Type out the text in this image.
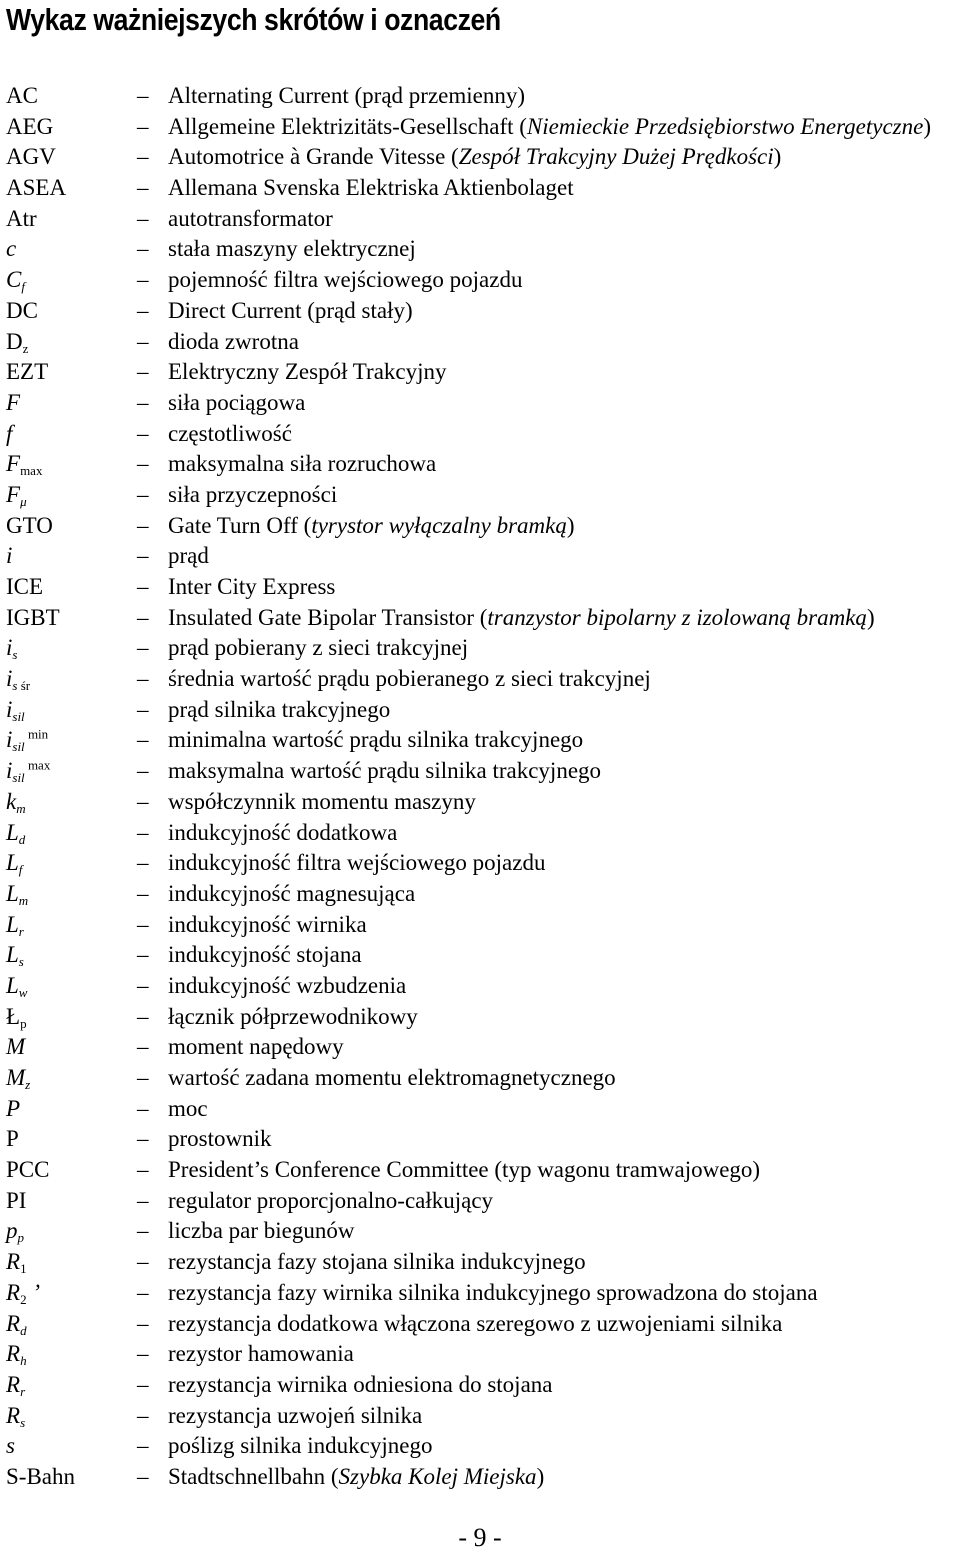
Wykaz ważniejszych skrótów i oznaczeń
AC	– Alternating Current (prąd przemienny)
AEG	– Allgemeine Elektrizitäts-Gesellschaft (Niemieckie Przedsiębiorstwo Energetyczne)
AGV	– Automotrice à Grande Vitesse (Zespół Trakcyjny Dużej Prędkości)
ASEA	– Allemana Svenska Elektriska Aktienbolaget
Atr	– autotransformator
c	– stała maszyny elektrycznej
$C_f$	– pojemność filtra wejściowego pojazdu
DC	– Direct Current (prąd stały)
$D_z$	– dioda zwrotna
EZT	– Elektryczny Zespół Trakcyjny
F	– siła pociągowa
f	– częstotliwość
$F_{max}$	– maksymalna siła rozruchowa
$F_\mu$	– siła przyczepności
GTO	– Gate Turn Off (tyrystor wyłączalny bramką)
i	– prąd
ICE	– Inter City Express
IGBT	– Insulated Gate Bipolar Transistor (tranzystor bipolarny z izolowaną bramką)
$i_s$	– prąd pobierany z sieci trakcyjnej
$i_s$ $_{śr}$	– średnia wartość prądu pobieranego z sieci trakcyjnej
$i_{sil}$	– prąd silnika trakcyjnego
$i_{sil}$ $^{min}$	– minimalna wartość prądu silnika trakcyjnego
$i_{sil}$ $^{max}$	– maksymalna wartość prądu silnika trakcyjnego
$k_m$	– współczynnik momentu maszyny
$L_d$	– indukcyjność dodatkowa
$L_f$	– indukcyjność filtra wejściowego pojazdu
$L_m$	– indukcyjność magnesująca
$L_r$	– indukcyjność wirnika
$L_s$	– indukcyjność stojana
$L_w$	– indukcyjność wzbudzenia
$Ł_p$	– łącznik półprzewodnikowy
M	– moment napędowy
$M_z$	– wartość zadana momentu elektromagnetycznego
P	– moc
P	– prostownik
PCC	– President’s Conference Committee (typ wagonu tramwajowego)
PI	– regulator proporcjonalno-całkujący
$p_p$	– liczba par biegunów
$R_1$	– rezystancja fazy stojana silnika indukcyjnego
$R_2$ ’	– rezystancja fazy wirnika silnika indukcyjnego sprowadzona do stojana
$R_d$	– rezystancja dodatkowa włączona szeregowo z uzwojeniami silnika
$R_h$	– rezystor hamowania
$R_r$	– rezystancja wirnika odniesiona do stojana
$R_s$	– rezystancja uzwojeń silnika
s	– poślizg silnika indukcyjnego
S-Bahn	– Stadtschnellbahn (Szybka Kolej Miejska)
- 9 -
